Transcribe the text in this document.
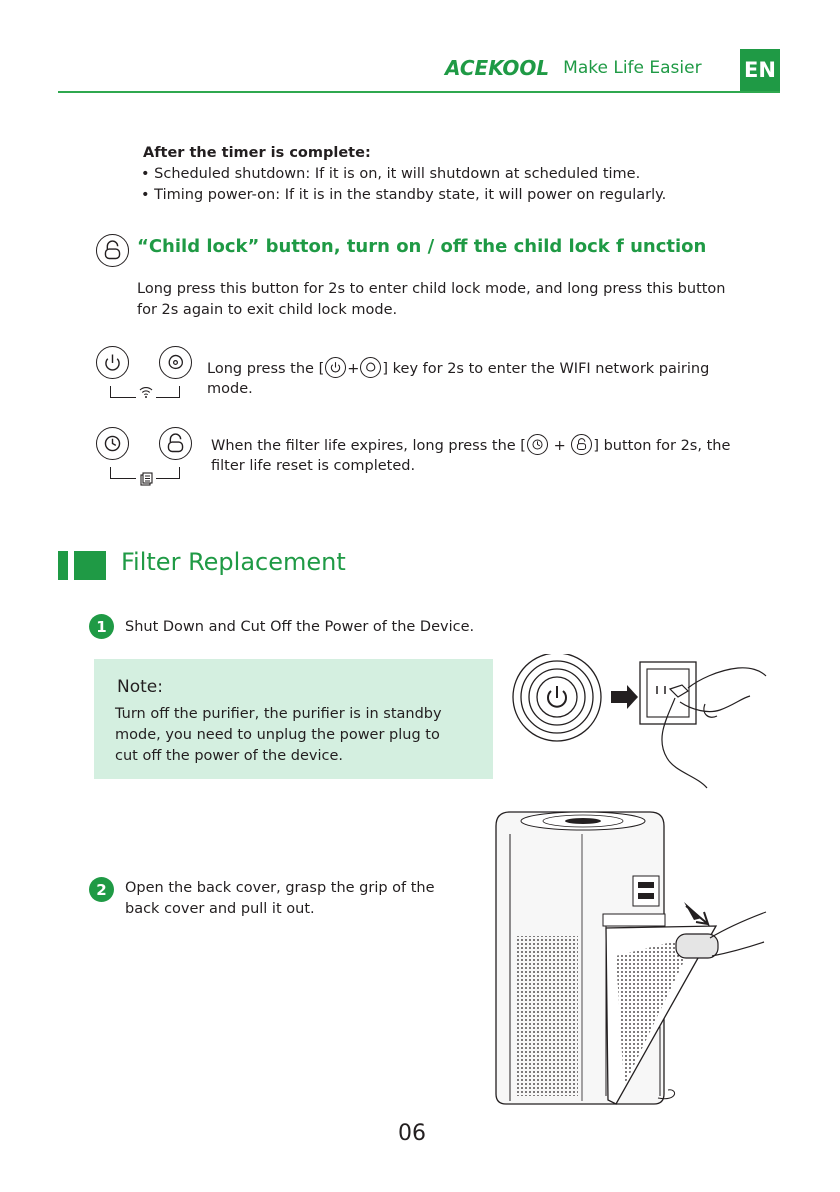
ACEKOOL Make Life Easier EN
After the timer is complete:
• Scheduled shutdown: If it is on, it will shutdown at scheduled time.
• Timing power-on: If it is in the standby state, it will power on regularly.
“Child lock” button, turn on / off the child lock f unction
Long press this button for 2s to enter child lock mode, and long press this button
for 2s again to exit child lock mode.
Long press the [ + ] key for 2s to enter the WIFI network pairing
mode.
When the filter life expires, long press the [ + ] button for 2s, the
filter life reset is completed.
Filter Replacement
1	Shut Down and Cut Off the Power of the Device.
Note:
Turn off the purifier, the purifier is in standby
mode, you need to unplug the power plug to
cut off the power of the device.
2	Open the back cover, grasp the grip of the
back cover and pull it out.
06
